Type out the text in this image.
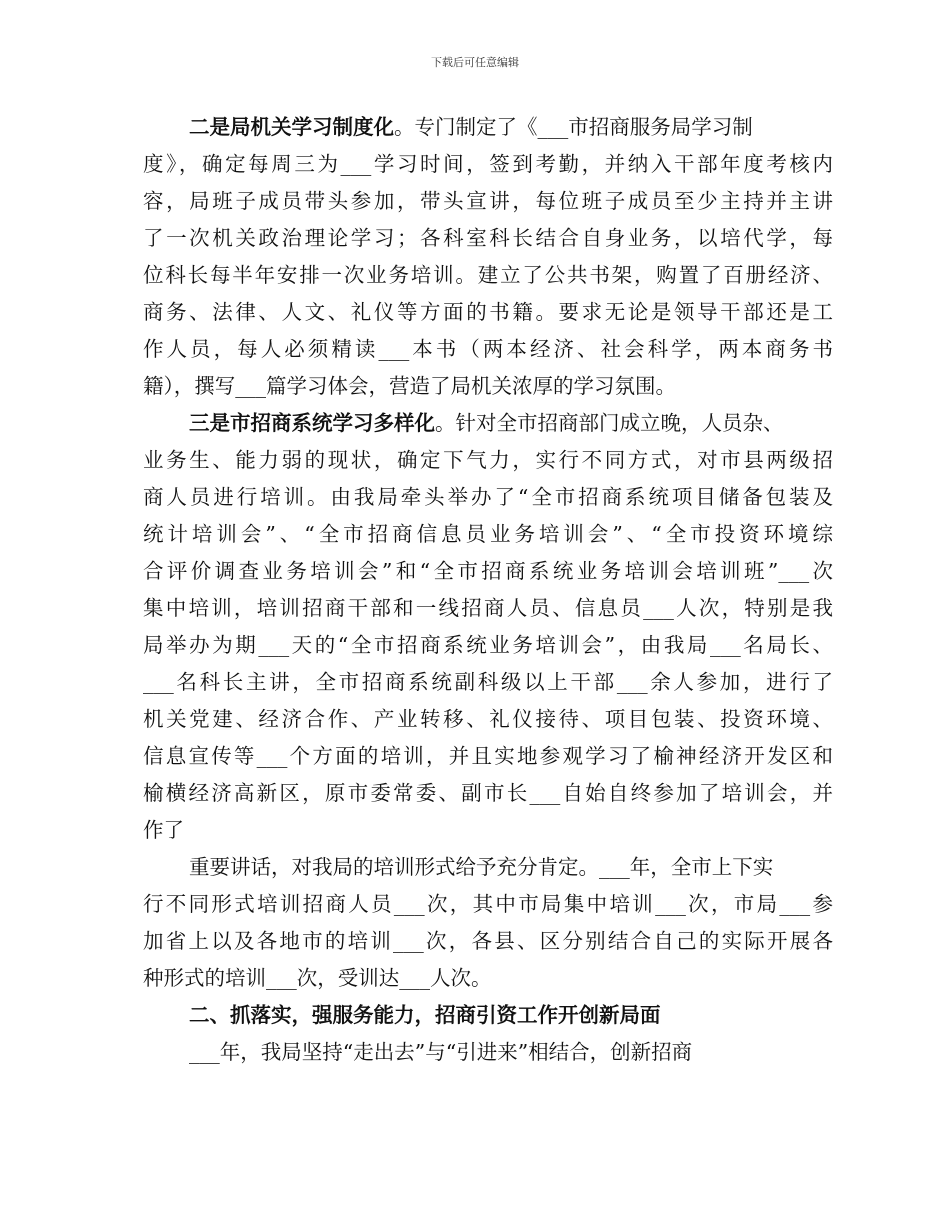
下载后可任意编辑
二是局机关学习制度化。专门制定了《___市招商服务局学习制
度》，确定每周三为___学习时间，签到考勤，并纳入干部年度考核内
容，局班子成员带头参加，带头宣讲，每位班子成员至少主持并主讲
了一次机关政治理论学习；各科室科长结合自身业务，以培代学，每
位科长每半年安排一次业务培训。建立了公共书架，购置了百册经济、
商务、法律、人文、礼仪等方面的书籍。要求无论是领导干部还是工
作人员，每人必须精读___本书（两本经济、社会科学，两本商务书
籍），撰写___篇学习体会，营造了局机关浓厚的学习氛围。
三是市招商系统学习多样化。针对全市招商部门成立晚，人员杂、
业务生、能力弱的现状，确定下气力，实行不同方式，对市县两级招
商人员进行培训。由我局牵头举办了“全市招商系统项目储备包装及
统计培训会”、“全市招商信息员业务培训会”、“全市投资环境综
合评价调查业务培训会”和“全市招商系统业务培训会培训班”___次
集中培训，培训招商干部和一线招商人员、信息员___人次，特别是我
局举办为期___天的“全市招商系统业务培训会”，由我局___名局长、
___名科长主讲，全市招商系统副科级以上干部___余人参加，进行了
机关党建、经济合作、产业转移、礼仪接待、项目包装、投资环境、
信息宣传等___个方面的培训，并且实地参观学习了榆神经济开发区和
榆横经济高新区，原市委常委、副市长___自始自终参加了培训会，并
作了
重要讲话，对我局的培训形式给予充分肯定。___年，全市上下实
行不同形式培训招商人员___次，其中市局集中培训___次，市局___参
加省上以及各地市的培训___次，各县、区分别结合自己的实际开展各
种形式的培训___次，受训达___人次。
二、抓落实，强服务能力，招商引资工作开创新局面
___年，我局坚持“走出去”与“引进来”相结合，创新招商
